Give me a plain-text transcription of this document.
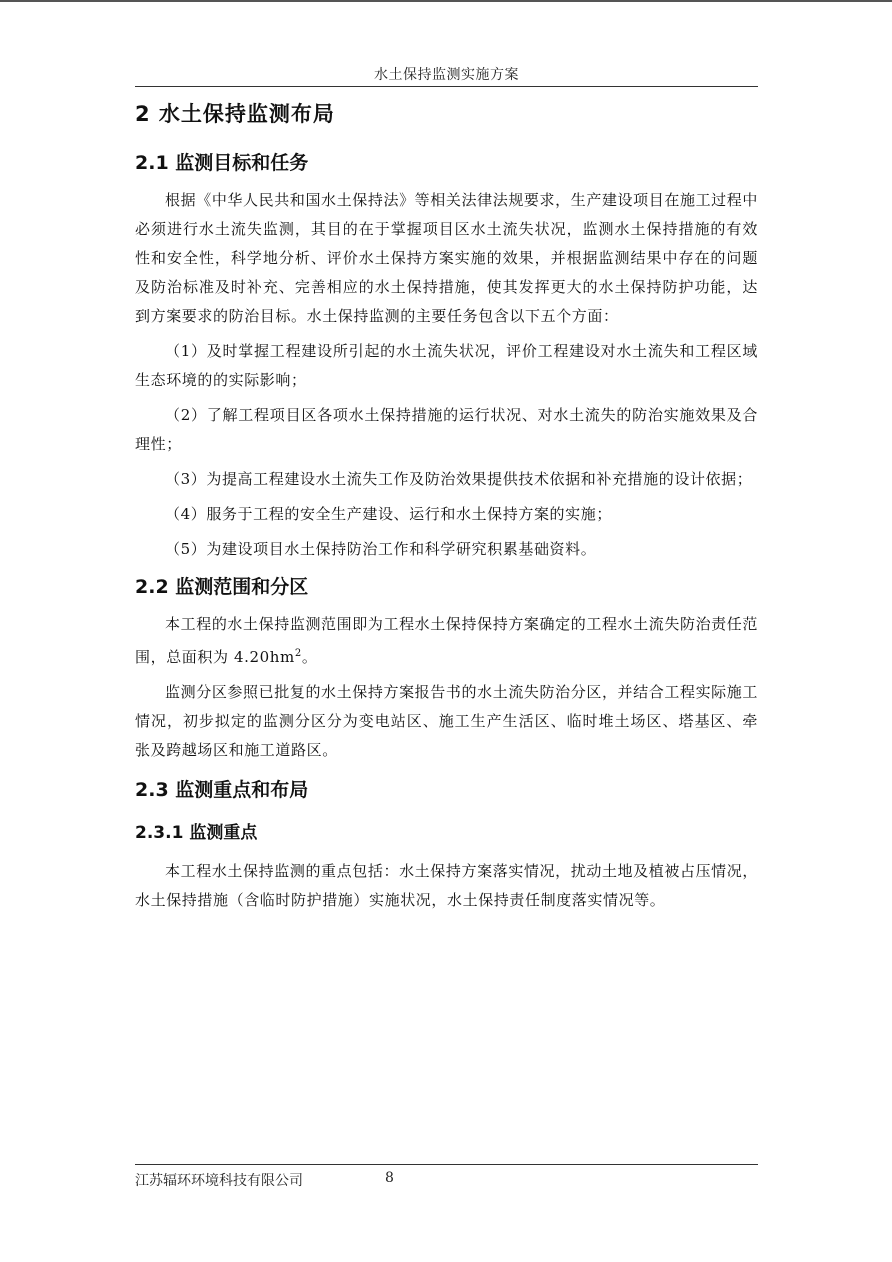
水土保持监测实施方案
2 水土保持监测布局
2.1 监测目标和任务

根据《中华人民共和国水土保持法》等相关法律法规要求，生产建设项目在施工过程中必须进行水土流失监测，其目的在于掌握项目区水土流失状况，监测水土保持措施的有效性和安全性，科学地分析、评价水土保持方案实施的效果，并根据监测结果中存在的问题及防治标准及时补充、完善相应的水土保持措施，使其发挥更大的水土保持防护功能，达到方案要求的防治目标。水土保持监测的主要任务包含以下五个方面：

（1）及时掌握工程建设所引起的水土流失状况，评价工程建设对水土流失和工程区域生态环境的的实际影响；

（2）了解工程项目区各项水土保持措施的运行状况、对水土流失的防治实施效果及合理性；

（3）为提高工程建设水土流失工作及防治效果提供技术依据和补充措施的设计依据；

（4）服务于工程的安全生产建设、运行和水土保持方案的实施；

（5）为建设项目水土保持防治工作和科学研究积累基础资料。

2.2 监测范围和分区

本工程的水土保持监测范围即为工程水土保持保持方案确定的工程水土流失防治责任范围，总面积为 $4.20hm^2$。

监测分区参照已批复的水土保持方案报告书的水土流失防治分区，并结合工程实际施工情况，初步拟定的监测分区分为变电站区、施工生产生活区、临时堆土场区、塔基区、牵张及跨越场区和施工道路区。

2.3 监测重点和布局
2.3.1 监测重点

本工程水土保持监测的重点包括：水土保持方案落实情况，扰动土地及植被占压情况，水土保持措施（含临时防护措施）实施状况，水土保持责任制度落实情况等。

江苏辐环环境科技有限公司	8
